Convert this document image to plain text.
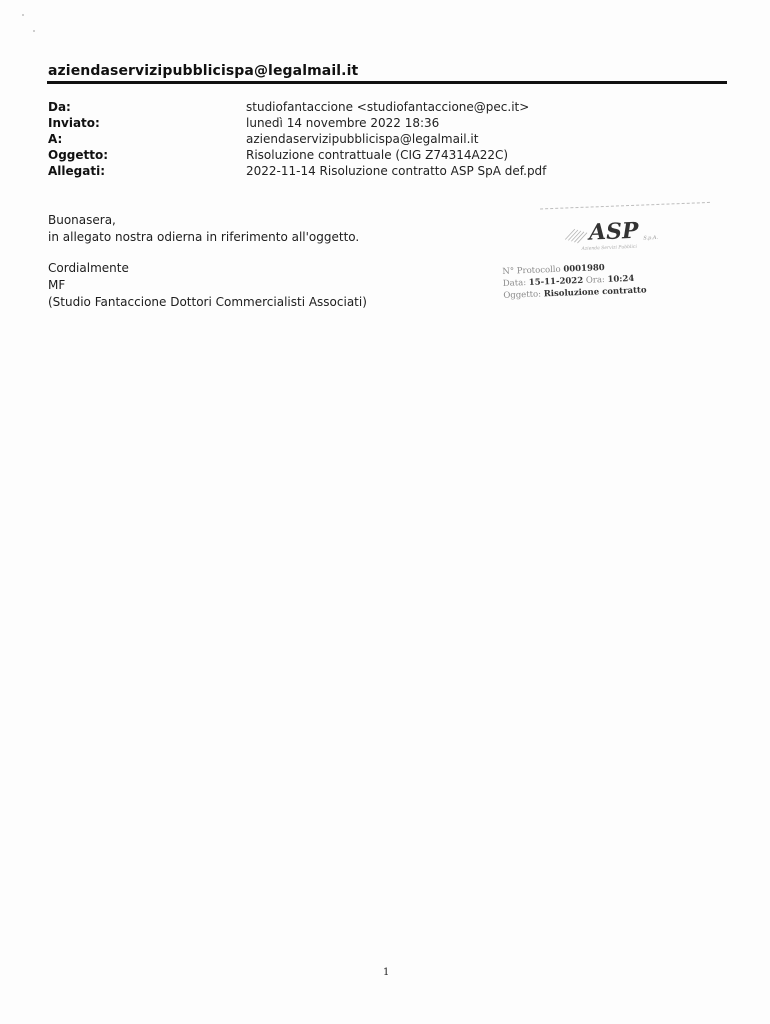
aziendaservizipubblicispa@legalmail.it
Da:	studiofantaccione <studiofantaccione@pec.it>
Inviato:	lunedì 14 novembre 2022 18:36
A:	aziendaservizipubblicispa@legalmail.it
Oggetto:	Risoluzione contrattuale (CIG Z74314A22C)
Allegati:	2022-11-14 Risoluzione contratto ASP SpA def.pdf
Buonasera,
in allegato nostra odierna in riferimento all'oggetto.
Cordialmente
MF
(Studio Fantaccione Dottori Commercialisti Associati)
ASP S.p.A.
Azienda Servizi Pubblici
N° Protocollo 0001980
Data: 15-11-2022 Ora: 10:24
Oggetto: Risoluzione contratto
1
